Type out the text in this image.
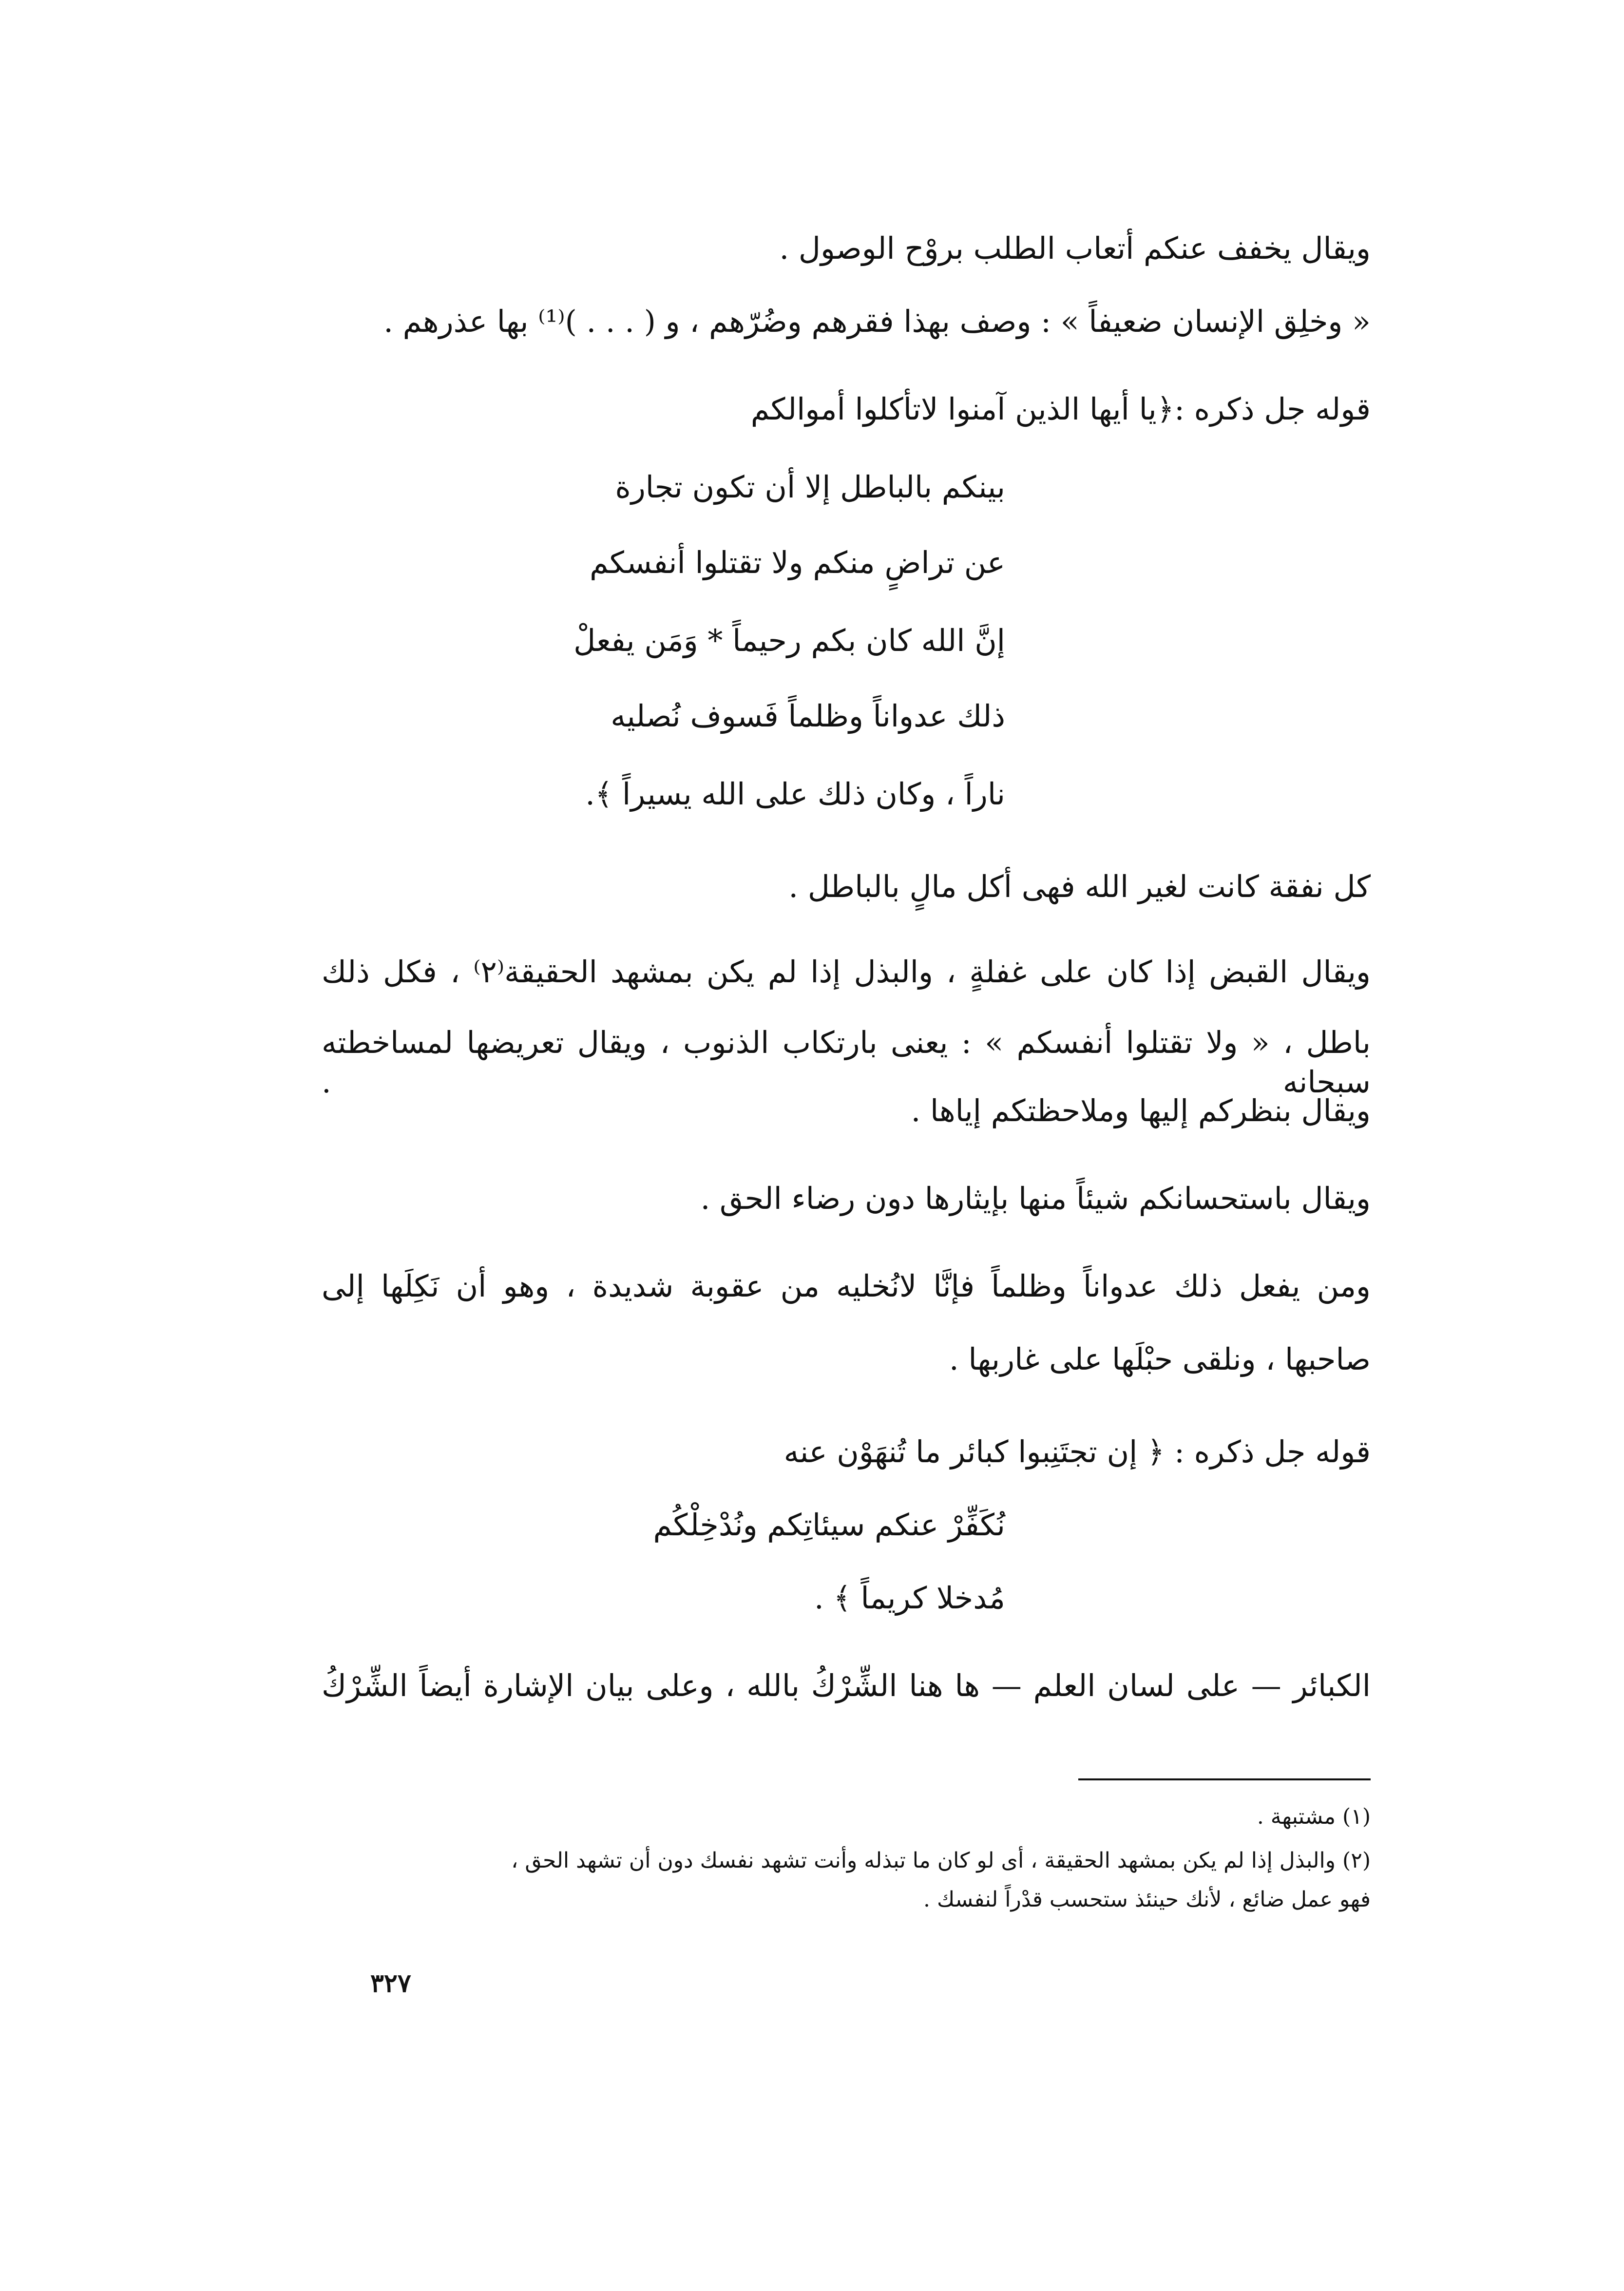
ويقال يخفف عنكم أتعاب الطلب بروْح الوصول .
« وخلِق الإنسان ضعيفاً » : وصف بهذا فقرهم وضُرّهم ، و ( . . . )⁽¹⁾ بها عذرهم .
قوله جل ذكره :﴿يا أيها الذين آمنوا لاتأكلوا أموالكم
بينكم بالباطل إلا أن تكون تجارة
عن تراضٍ منكم ولا تقتلوا أنفسكم
إنَّ الله كان بكم رحيماً * وَمَن يفعلْ
ذلك عدواناً وظلماً فَسوف نُصليه
ناراً ، وكان ذلك على الله يسيراً ﴾.
كل نفقة كانت لغير الله فهى أكل مالٍ بالباطل .
ويقال القبض إذا كان على غفلةٍ ، والبذل إذا لم يكن بمشهد الحقيقة⁽٢⁾ ، فكل ذلك
باطل ، « ولا تقتلوا أنفسكم » : يعنى بارتكاب الذنوب ، ويقال تعريضها لمساخطته سبحانه .
ويقال بنظركم إليها وملاحظتكم إياها .
ويقال باستحسانكم شيئاً منها بإيثارها دون رضاء الحق .
ومن يفعل ذلك عدواناً وظلماً فإنَّا لانُخليه من عقوبة شديدة ، وهو أن نَكِلَها إلى
صاحبها ، ونلقى حبْلَها على غاربها .
قوله جل ذكره : ﴿ إن تجتَنِبوا كبائر ما تُنهَوْن عنه
نُكَفِّرْ عنكم سيئاتِكم ونُدْخِلْكُم
مُدخلا كريماً ﴾ .
الكبائر — على لسان العلم — ها هنا الشِّرْكُ بالله ، وعلى بيان الإشارة أيضاً الشِّرْكُ
(١) مشتبهة .
(٢) والبذل إذا لم يكن بمشهد الحقيقة ، أى لو كان ما تبذله وأنت تشهد نفسك دون أن تشهد الحق ،
فهو عمل ضائع ، لأنك حينئذ ستحسب قدْراً لنفسك .
٣٢٧
